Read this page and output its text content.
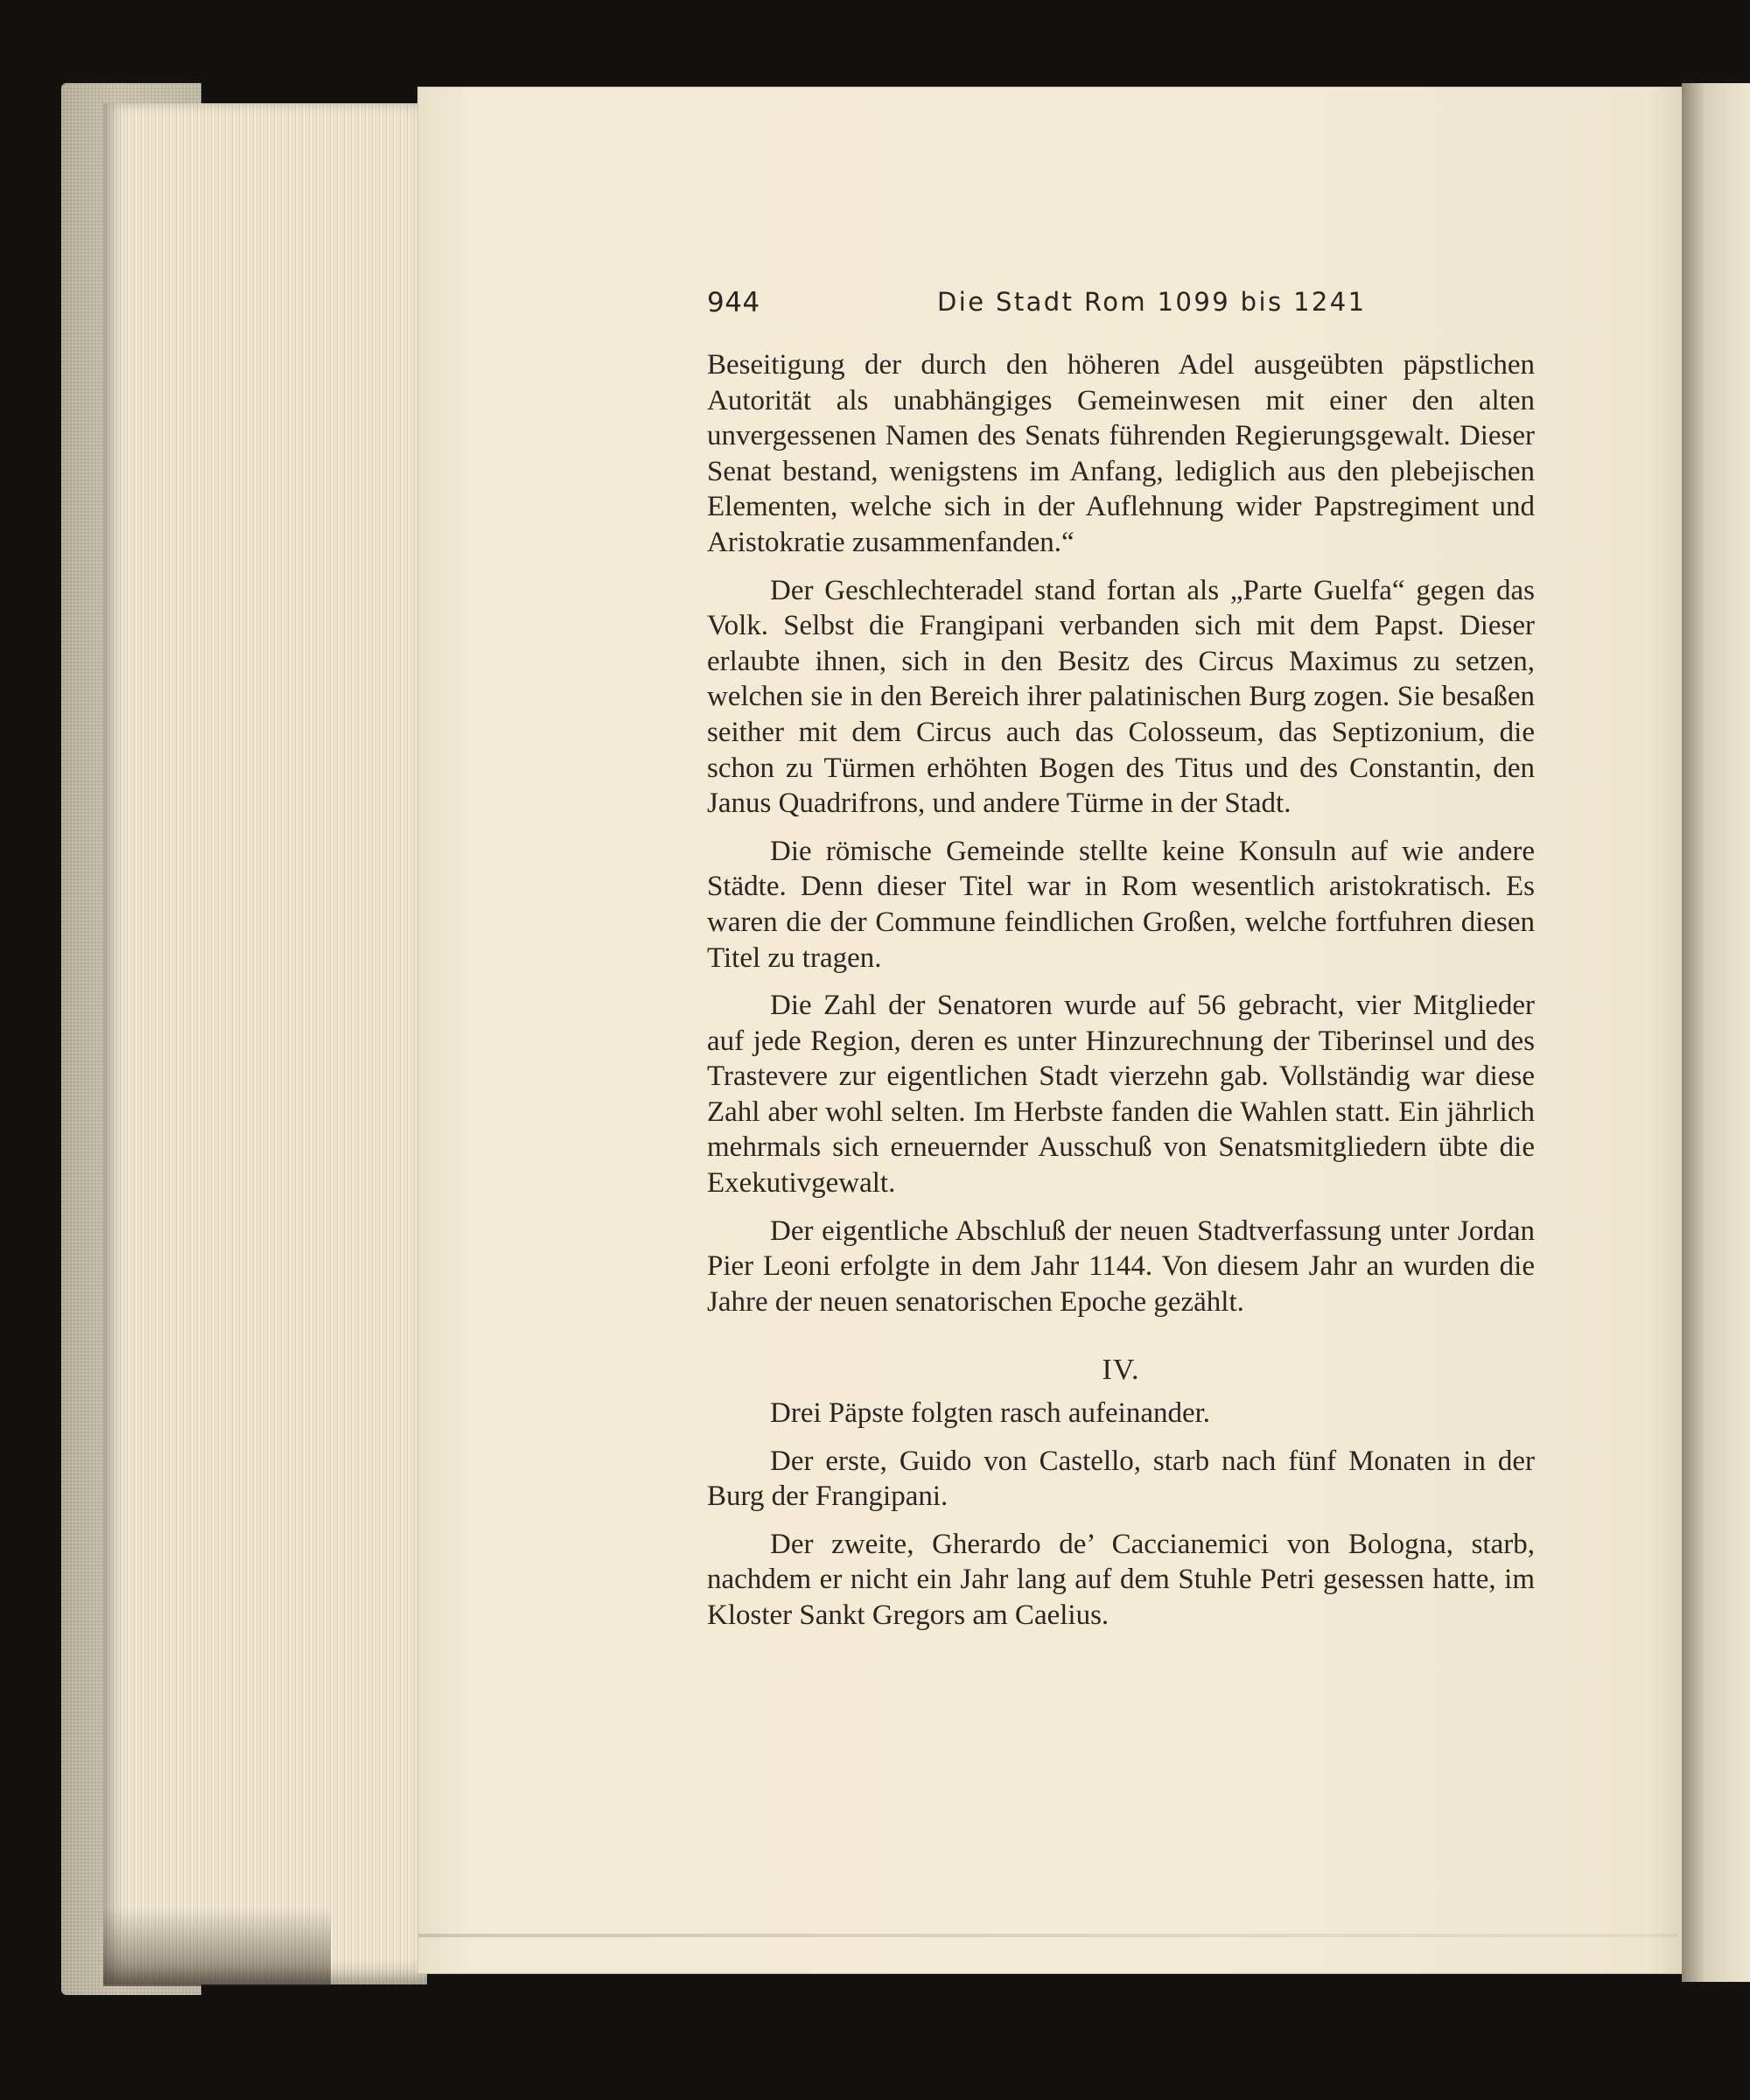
944	Die Stadt Rom 1099 bis 1241

Beseitigung der durch den höheren Adel ausgeübten päpstlichen Autorität als unabhängiges Gemeinwesen mit einer den alten unvergessenen Namen des Senats führenden Regierungsgewalt. Dieser Senat bestand, wenigstens im Anfang, lediglich aus den plebejischen Elementen, welche sich in der Auflehnung wider Papstregiment und Aristokratie zusammenfanden.“

Der Geschlechteradel stand fortan als „Parte Guelfa“ gegen das Volk. Selbst die Frangipani verbanden sich mit dem Papst. Dieser erlaubte ihnen, sich in den Besitz des Circus Maximus zu setzen, welchen sie in den Bereich ihrer palatinischen Burg zogen. Sie besaßen seither mit dem Circus auch das Colosseum, das Septizonium, die schon zu Türmen erhöhten Bogen des Titus und des Constantin, den Janus Quadrifrons, und andere Türme in der Stadt.

Die römische Gemeinde stellte keine Konsuln auf wie andere Städte. Denn dieser Titel war in Rom wesentlich aristokratisch. Es waren die der Commune feindlichen Großen, welche fortfuhren diesen Titel zu tragen.

Die Zahl der Senatoren wurde auf 56 gebracht, vier Mitglieder auf jede Region, deren es unter Hinzurechnung der Tiberinsel und des Trastevere zur eigentlichen Stadt vierzehn gab. Vollständig war diese Zahl aber wohl selten. Im Herbste fanden die Wahlen statt. Ein jährlich mehrmals sich erneuernder Ausschuß von Senatsmitgliedern übte die Exekutivgewalt.

Der eigentliche Abschluß der neuen Stadtverfassung unter Jordan Pier Leoni erfolgte in dem Jahr 1144. Von diesem Jahr an wurden die Jahre der neuen senatorischen Epoche gezählt.

IV.

Drei Päpste folgten rasch aufeinander.

Der erste, Guido von Castello, starb nach fünf Monaten in der Burg der Frangipani.

Der zweite, Gherardo de’ Caccianemici von Bologna, starb, nachdem er nicht ein Jahr lang auf dem Stuhle Petri gesessen hatte, im Kloster Sankt Gregors am Caelius.
